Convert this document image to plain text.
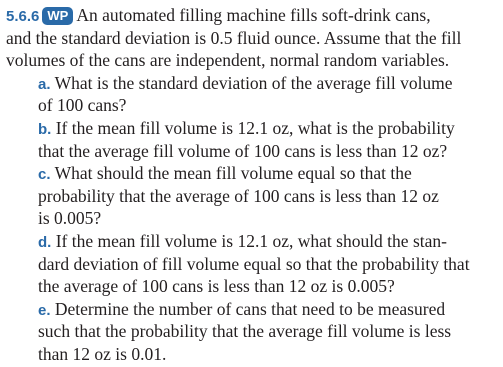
5.6.6 WP An automated filling machine fills soft-drink cans,
and the standard deviation is 0.5 fluid ounce. Assume that the fill
volumes of the cans are independent, normal random variables.
a. What is the standard deviation of the average fill volume
of 100 cans?
b. If the mean fill volume is 12.1 oz, what is the probability
that the average fill volume of 100 cans is less than 12 oz?
c. What should the mean fill volume equal so that the
probability that the average of 100 cans is less than 12 oz
is 0.005?
d. If the mean fill volume is 12.1 oz, what should the stan-
dard deviation of fill volume equal so that the probability that
the average of 100 cans is less than 12 oz is 0.005?
e. Determine the number of cans that need to be measured
such that the probability that the average fill volume is less
than 12 oz is 0.01.
